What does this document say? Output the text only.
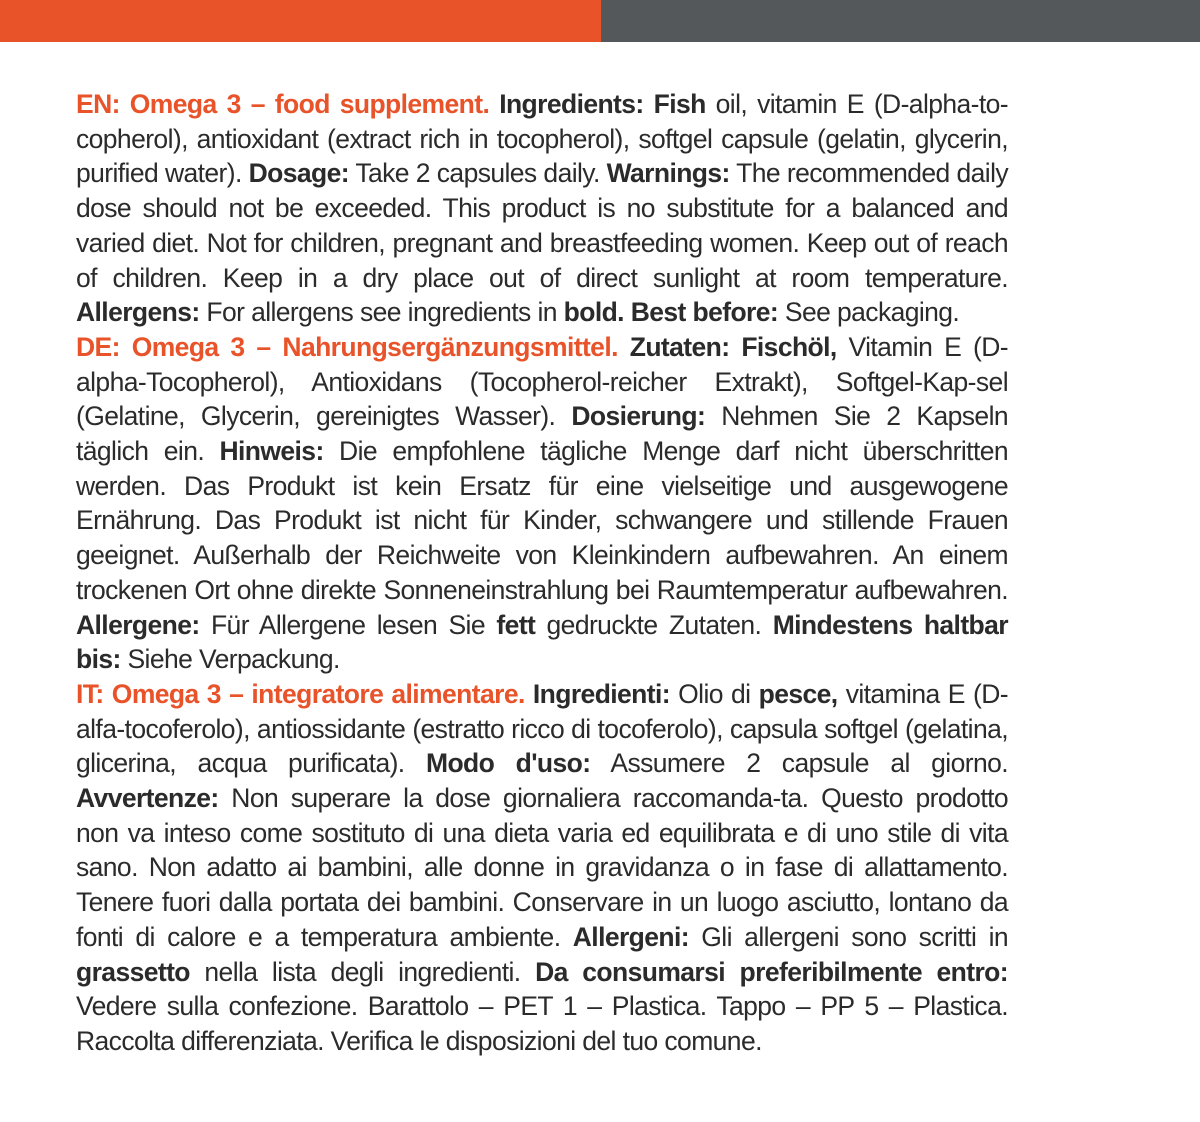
EN: Omega 3 – food supplement. Ingredients: Fish oil, vitamin E (D-alpha-to-copherol), antioxidant (extract rich in tocopherol), softgel capsule (gelatin, glycerin, purified water). Dosage: Take 2 capsules daily. Warnings: The recommended daily dose should not be exceeded. This product is no substitute for a balanced and varied diet. Not for children, pregnant and breastfeeding women. Keep out of reach of children. Keep in a dry place out of direct sunlight at room temperature. Allergens: For allergens see ingredients in bold. Best before: See packaging.

DE: Omega 3 – Nahrungsergänzungsmittel. Zutaten: Fischöl, Vitamin E (D-alpha-Tocopherol), Antioxidans (Tocopherol-reicher Extrakt), Softgel-Kap-sel (Gelatine, Glycerin, gereinigtes Wasser). Dosierung: Nehmen Sie 2 Kapseln täglich ein. Hinweis: Die empfohlene tägliche Menge darf nicht überschritten werden. Das Produkt ist kein Ersatz für eine vielseitige und ausgewogene Ernährung. Das Produkt ist nicht für Kinder, schwangere und stillende Frauen geeignet. Außerhalb der Reichweite von Kleinkindern aufbewahren. An einem trockenen Ort ohne direkte Sonneneinstrahlung bei Raumtemperatur aufbewahren. Allergene: Für Allergene lesen Sie fett gedruckte Zutaten. Mindestens haltbar bis: Siehe Verpackung.

IT: Omega 3 – integratore alimentare. Ingredienti: Olio di pesce, vitamina E (D-alfa-tocoferolo), antiossidante (estratto ricco di tocoferolo), capsula softgel (gelatina, glicerina, acqua purificata). Modo d'uso: Assumere 2 capsule al giorno. Avvertenze: Non superare la dose giornaliera raccomanda-ta. Questo prodotto non va inteso come sostituto di una dieta varia ed equilibrata e di uno stile di vita sano. Non adatto ai bambini, alle donne in gravidanza o in fase di allattamento. Tenere fuori dalla portata dei bambini. Conservare in un luogo asciutto, lontano da fonti di calore e a temperatura ambiente. Allergeni: Gli allergeni sono scritti in grassetto nella lista degli ingredienti. Da consumarsi preferibilmente entro: Vedere sulla confezione. Barattolo – PET 1 – Plastica. Tappo – PP 5 – Plastica. Raccolta differenziata. Verifica le disposizioni del tuo comune.
